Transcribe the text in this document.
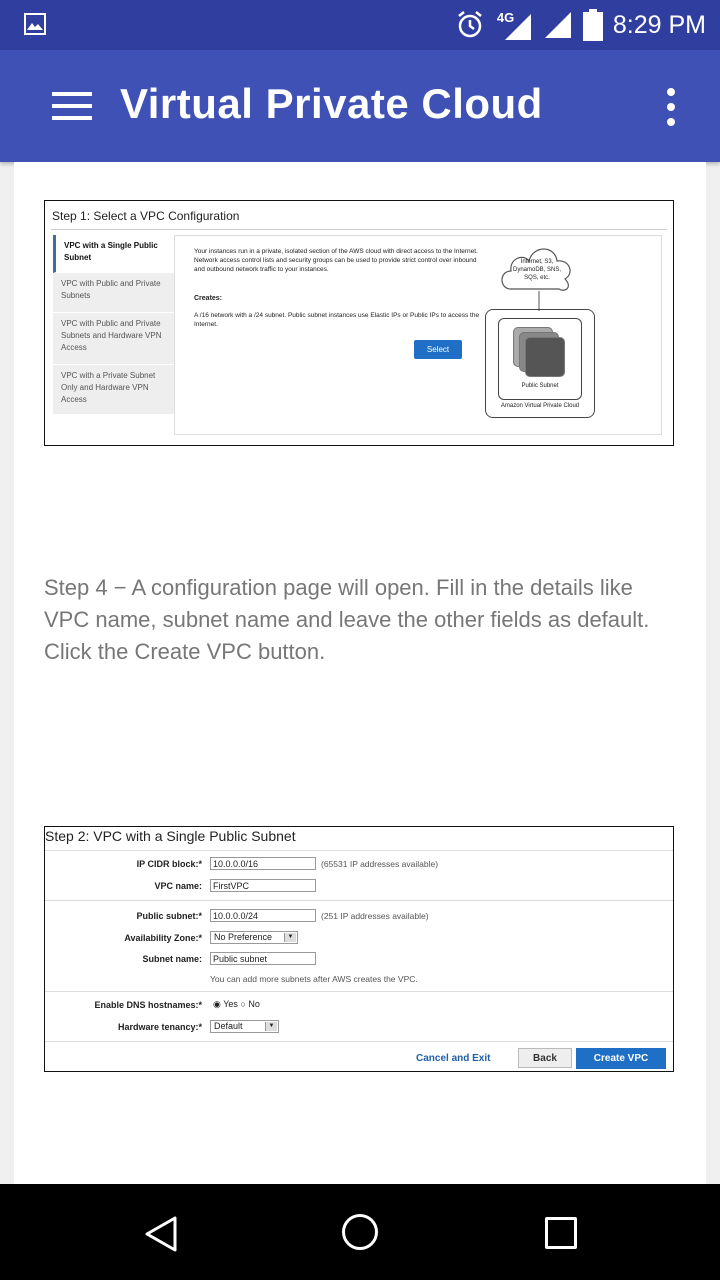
4G	8:29 PM
Virtual Private Cloud
Step 1: Select a VPC Configuration
VPC with a Single Public Subnet
VPC with Public and Private Subnets
VPC with Public and Private Subnets and Hardware VPN Access
VPC with a Private Subnet Only and Hardware VPN Access
Your instances run in a private, isolated section of the AWS cloud with direct access to the Internet. Network access control lists and security groups can be used to provide strict control over inbound and outbound network traffic to your instances.
Creates:
A /16 network with a /24 subnet. Public subnet instances use Elastic IPs or Public IPs to access the Internet.
Select
Internet, S3, DynamoDB, SNS, SQS, etc.
Public Subnet
Amazon Virtual Private Cloud
Step 4 − A configuration page will open. Fill in the details like VPC name, subnet name and leave the other fields as default. Click the Create VPC button.
Step 2: VPC with a Single Public Subnet
IP CIDR block:*	10.0.0.0/16	(65531 IP addresses available)
VPC name:	FirstVPC
Public subnet:*	10.0.0.0/24	(251 IP addresses available)
Availability Zone:*	No Preference	▼
Subnet name:	Public subnet
You can add more subnets after AWS creates the VPC.
Enable DNS hostnames:* ◉ Yes ○ No
Hardware tenancy:*	Default	▼
Cancel and Exit	Back	Create VPC
